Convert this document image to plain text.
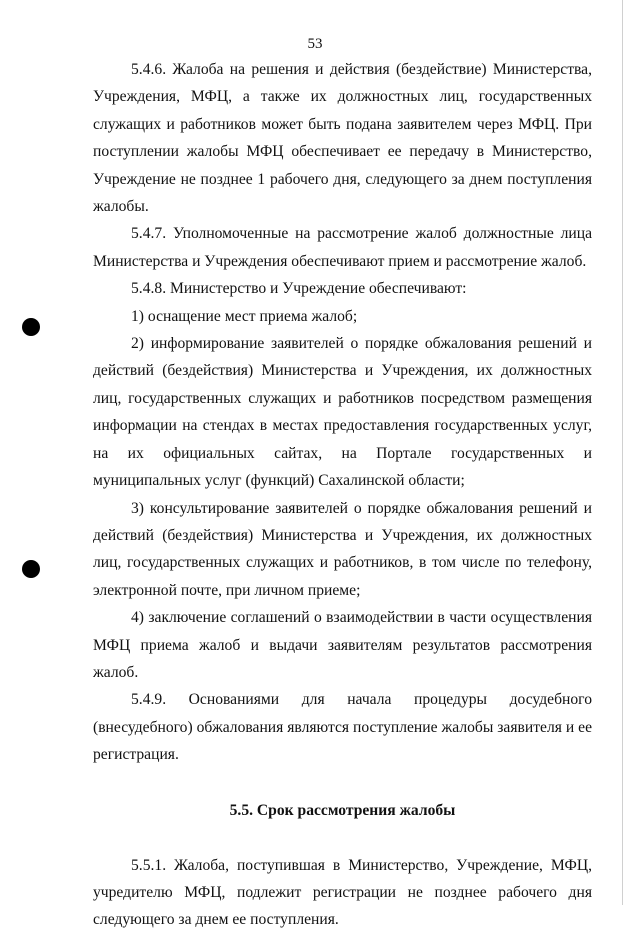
53

5.4.6. Жалоба на решения и действия (бездействие) Министерства, Учреждения, МФЦ, а также их должностных лиц, государственных служащих и работников может быть подана заявителем через МФЦ. При поступлении жалобы МФЦ обеспечивает ее передачу в Министерство, Учреждение не позднее 1 рабочего дня, следующего за днем поступления жалобы.

5.4.7. Уполномоченные на рассмотрение жалоб должностные лица Министерства и Учреждения обеспечивают прием и рассмотрение жалоб.

5.4.8. Министерство и Учреждение обеспечивают:

1) оснащение мест приема жалоб;

2) информирование заявителей о порядке обжалования решений и действий (бездействия) Министерства и Учреждения, их должностных лиц, государственных служащих и работников посредством размещения информации на стендах в местах предоставления государственных услуг, на их официальных сайтах, на Портале государственных и муниципальных услуг (функций) Сахалинской области;

3) консультирование заявителей о порядке обжалования решений и действий (бездействия) Министерства и Учреждения, их должностных лиц, государственных служащих и работников, в том числе по телефону, электронной почте, при личном приеме;

4) заключение соглашений о взаимодействии в части осуществления МФЦ приема жалоб и выдачи заявителям результатов рассмотрения жалоб.

5.4.9. Основаниями для начала процедуры досудебного (внесудебного) обжалования являются поступление жалобы заявителя и ее регистрация.

5.5. Срок рассмотрения жалобы

5.5.1. Жалоба, поступившая в Министерство, Учреждение, МФЦ, учредителю МФЦ, подлежит регистрации не позднее рабочего дня следующего за днем ее поступления.
